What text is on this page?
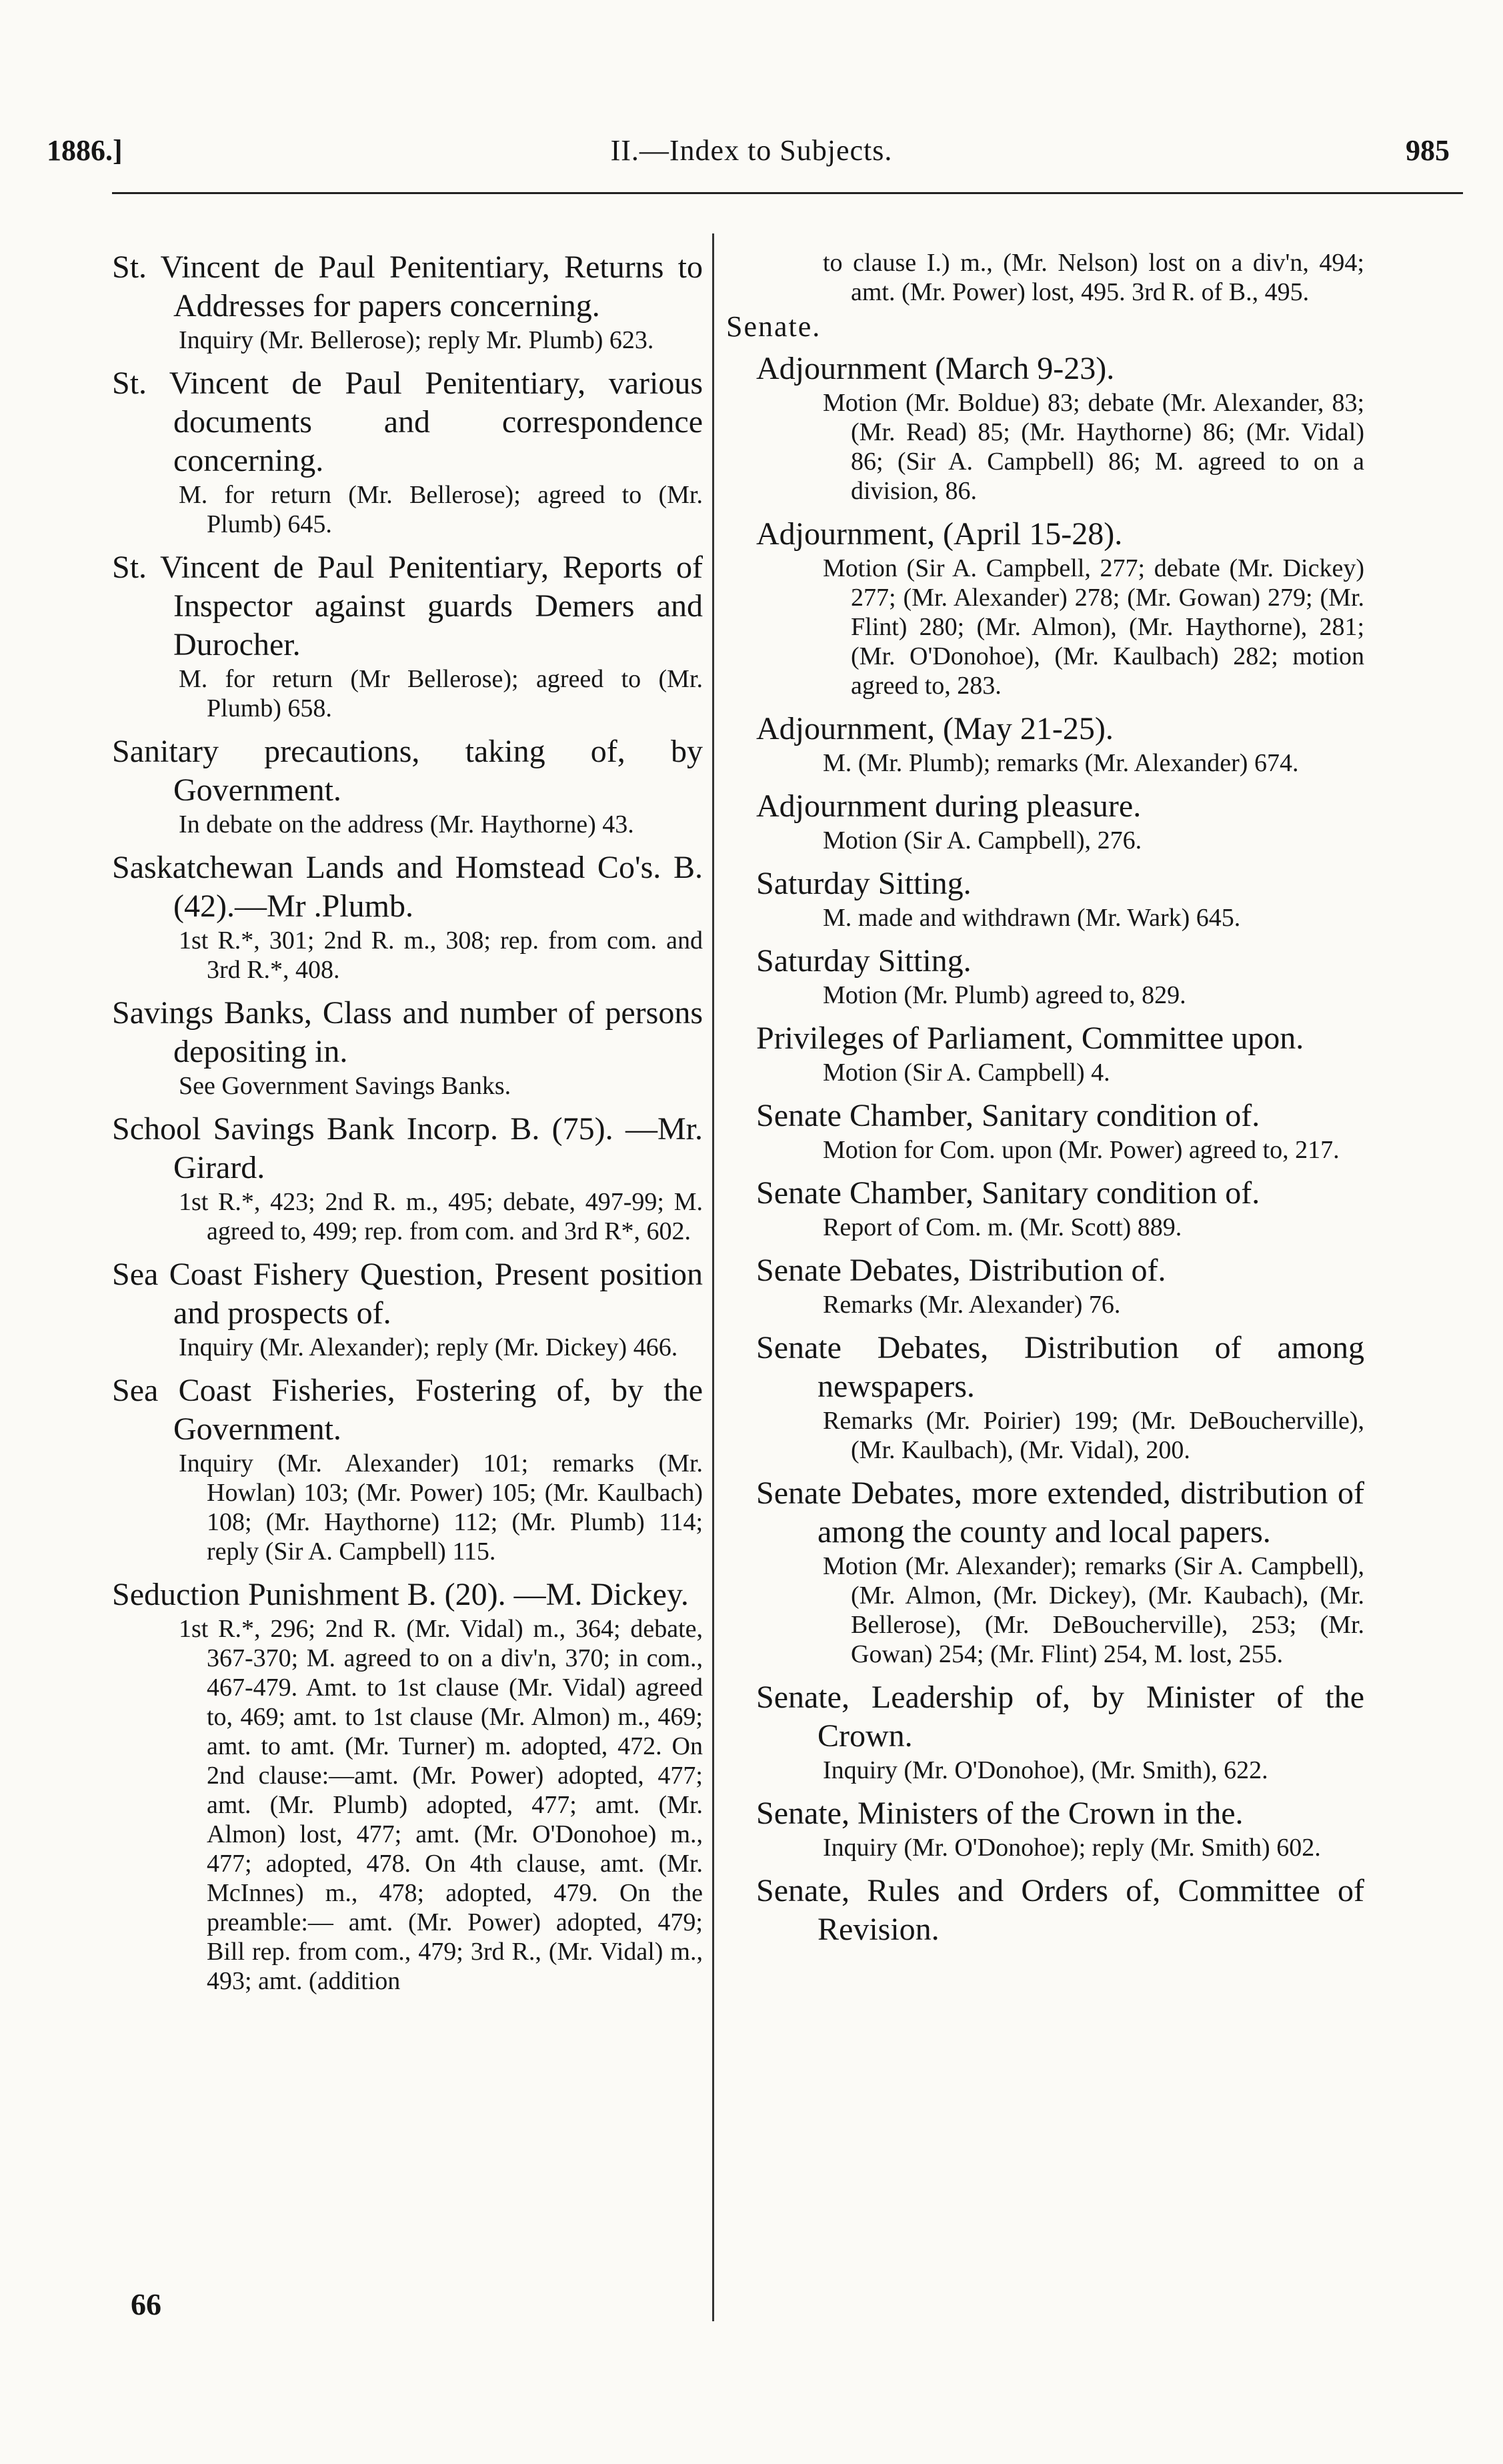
1886.]	II.—Index to Subjects.	985
St. Vincent de Paul Penitentiary, Returns to Addresses for papers concerning.
Inquiry (Mr. Bellerose); reply Mr. Plumb) 623.
St. Vincent de Paul Penitentiary, various documents and correspondence concerning.
M. for return (Mr. Bellerose); agreed to (Mr. Plumb) 645.
St. Vincent de Paul Penitentiary, Reports of Inspector against guards Demers and Durocher.
M. for return (Mr Bellerose); agreed to (Mr. Plumb) 658.
Sanitary precautions, taking of, by Government.
In debate on the address (Mr. Haythorne) 43.
Saskatchewan Lands and Homstead Co's. B. (42).—Mr .Plumb.
1st R.*, 301; 2nd R. m., 308; rep. from com. and 3rd R.*, 408.
Savings Banks, Class and number of persons depositing in.
See Government Savings Banks.
School Savings Bank Incorp. B. (75). —Mr. Girard.
1st R.*, 423; 2nd R. m., 495; debate, 497-99; M. agreed to, 499; rep. from com. and 3rd R*, 602.
Sea Coast Fishery Question, Present position and prospects of.
Inquiry (Mr. Alexander); reply (Mr. Dickey) 466.
Sea Coast Fisheries, Fostering of, by the Government.
Inquiry (Mr. Alexander) 101; remarks (Mr. Howlan) 103; (Mr. Power) 105; (Mr. Kaulbach) 108; (Mr. Haythorne) 112; (Mr. Plumb) 114; reply (Sir A. Campbell) 115.
Seduction Punishment B. (20). —M. Dickey.
1st R.*, 296; 2nd R. (Mr. Vidal) m., 364; debate, 367-370; M. agreed to on a div'n, 370; in com., 467-479. Amt. to 1st clause (Mr. Vidal) agreed to, 469; amt. to 1st clause (Mr. Almon) m., 469; amt. to amt. (Mr. Turner) m. adopted, 472. On 2nd clause:—amt. (Mr. Power) adopted, 477; amt. (Mr. Plumb) adopted, 477; amt. (Mr. Almon) lost, 477; amt. (Mr. O'Donohoe) m., 477; adopted, 478. On 4th clause, amt. (Mr. McInnes) m., 478; adopted, 479. On the preamble:— amt. (Mr. Power) adopted, 479; Bill rep. from com., 479; 3rd R., (Mr. Vidal) m., 493; amt. (addition
to clause I.) m., (Mr. Nelson) lost on a div'n, 494; amt. (Mr. Power) lost, 495. 3rd R. of B., 495.
Senate.
Adjournment (March 9-23).
Motion (Mr. Boldue) 83; debate (Mr. Alexander, 83; (Mr. Read) 85; (Mr. Haythorne) 86; (Mr. Vidal) 86; (Sir A. Campbell) 86; M. agreed to on a division, 86.
Adjournment, (April 15-28).
Motion (Sir A. Campbell, 277; debate (Mr. Dickey) 277; (Mr. Alexander) 278; (Mr. Gowan) 279; (Mr. Flint) 280; (Mr. Almon), (Mr. Haythorne), 281; (Mr. O'Donohoe), (Mr. Kaulbach) 282; motion agreed to, 283.
Adjournment, (May 21-25).
M. (Mr. Plumb); remarks (Mr. Alexander) 674.
Adjournment during pleasure.
Motion (Sir A. Campbell), 276.
Saturday Sitting.
M. made and withdrawn (Mr. Wark) 645.
Saturday Sitting.
Motion (Mr. Plumb) agreed to, 829.
Privileges of Parliament, Committee upon.
Motion (Sir A. Campbell) 4.
Senate Chamber, Sanitary condition of.
Motion for Com. upon (Mr. Power) agreed to, 217.
Senate Chamber, Sanitary condition of.
Report of Com. m. (Mr. Scott) 889.
Senate Debates, Distribution of.
Remarks (Mr. Alexander) 76.
Senate Debates, Distribution of among newspapers.
Remarks (Mr. Poirier) 199; (Mr. DeBoucherville), (Mr. Kaulbach), (Mr. Vidal), 200.
Senate Debates, more extended, distribution of among the county and local papers.
Motion (Mr. Alexander); remarks (Sir A. Campbell), (Mr. Almon, (Mr. Dickey), (Mr. Kaubach), (Mr. Bellerose), (Mr. DeBoucherville), 253; (Mr. Gowan) 254; (Mr. Flint) 254, M. lost, 255.
Senate, Leadership of, by Minister of the Crown.
Inquiry (Mr. O'Donohoe), (Mr. Smith), 622.
Senate, Ministers of the Crown in the.
Inquiry (Mr. O'Donohoe); reply (Mr. Smith) 602.
Senate, Rules and Orders of, Committee of Revision.
66
